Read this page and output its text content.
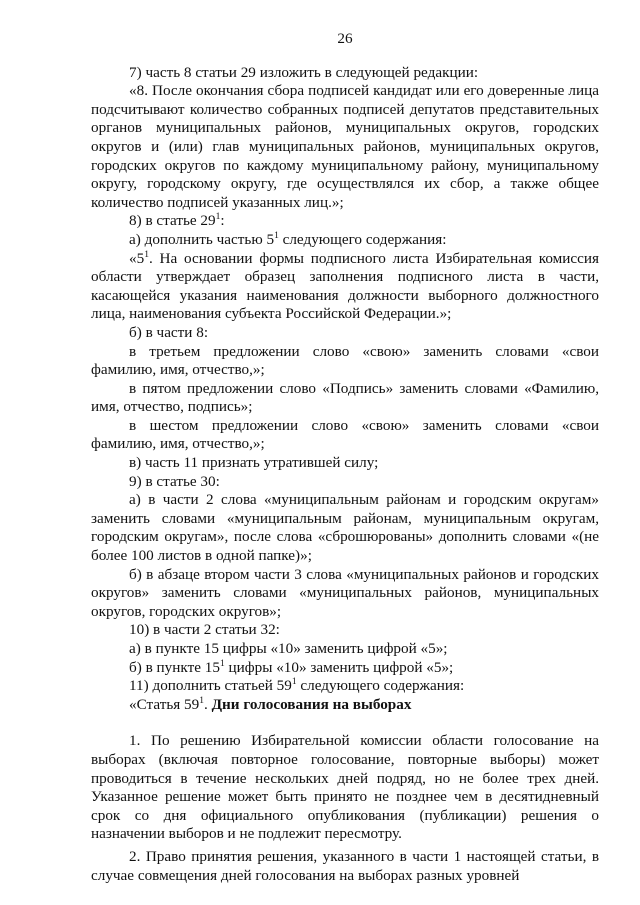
26

7) часть 8 статьи 29 изложить в следующей редакции:

«8. После окончания сбора подписей кандидат или его доверенные лица подсчитывают количество собранных подписей депутатов представительных органов муниципальных районов, муниципальных округов, городских округов и (или) глав муниципальных районов, муниципальных округов, городских округов по каждому муниципальному району, муниципальному округу, городскому округу, где осуществлялся их сбор, а также общее количество подписей указанных лиц.»;

8) в статье $29^1$:

а) дополнить частью $5^1$ следующего содержания:

«$5^1$. На основании формы подписного листа Избирательная комиссия области утверждает образец заполнения подписного листа в части, касающейся указания наименования должности выборного должностного лица, наименования субъекта Российской Федерации.»;

б) в части 8:

в третьем предложении слово «свою» заменить словами «свои фамилию, имя, отчество,»;

в пятом предложении слово «Подпись» заменить словами «Фамилию, имя, отчество, подпись»;

в шестом предложении слово «свою» заменить словами «свои фамилию, имя, отчество,»;

в) часть 11 признать утратившей силу;

9) в статье 30:

а) в части 2 слова «муниципальным районам и городским округам» заменить словами «муниципальным районам, муниципальным округам, городским округам», после слова «сброшюрованы» дополнить словами «(не более 100 листов в одной папке)»;

б) в абзаце втором части 3 слова «муниципальных районов и городских округов» заменить словами «муниципальных районов, муниципальных округов, городских округов»;

10) в части 2 статьи 32:

а) в пункте 15 цифры «10» заменить цифрой «5»;

б) в пункте $15^1$ цифры «10» заменить цифрой «5»;

11) дополнить статьей $59^1$ следующего содержания:

«Статья $59^1$. Дни голосования на выборах

1. По решению Избирательной комиссии области голосование на выборах (включая повторное голосование, повторные выборы) может проводиться в течение нескольких дней подряд, но не более трех дней. Указанное решение может быть принято не позднее чем в десятидневный срок со дня официального опубликования (публикации) решения о назначении выборов и не подлежит пересмотру.

2. Право принятия решения, указанного в части 1 настоящей статьи, в случае совмещения дней голосования на выборах разных уровней
